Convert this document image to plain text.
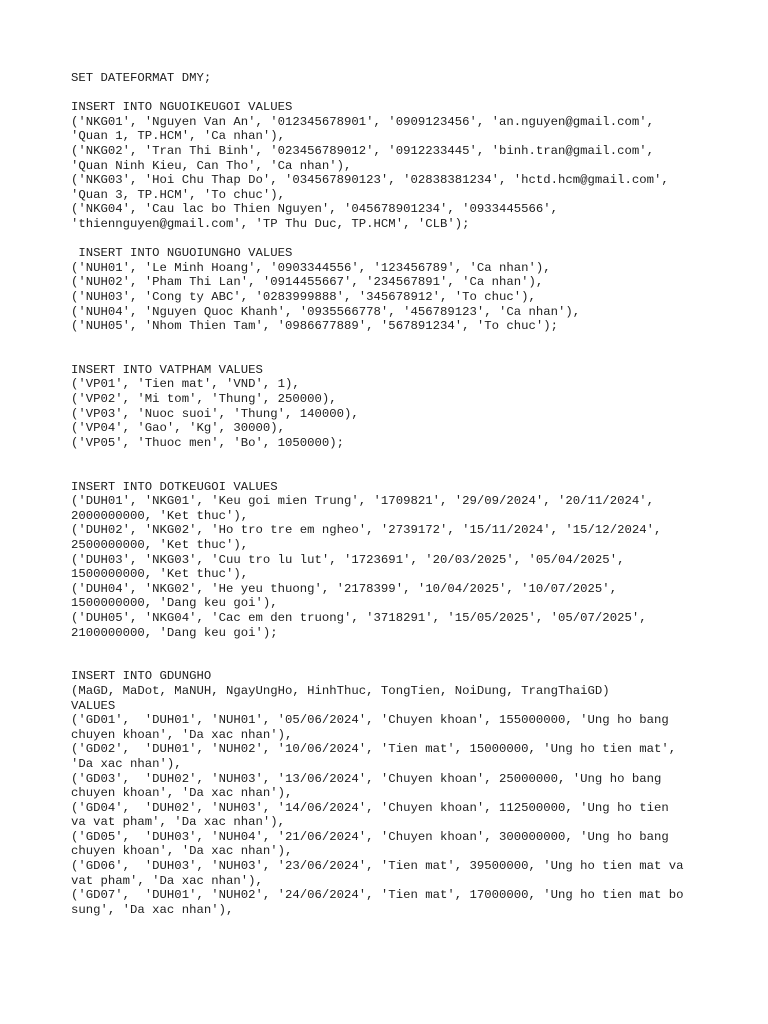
SET DATEFORMAT DMY;
INSERT INTO NGUOIKEUGOI VALUES
('NKG01', 'Nguyen Van An', '012345678901', '0909123456', 'an.nguyen@gmail.com',
'Quan 1, TP.HCM', 'Ca nhan'),
('NKG02', 'Tran Thi Binh', '023456789012', '0912233445', 'binh.tran@gmail.com',
'Quan Ninh Kieu, Can Tho', 'Ca nhan'),
('NKG03', 'Hoi Chu Thap Do', '034567890123', '02838381234', 'hctd.hcm@gmail.com',
'Quan 3, TP.HCM', 'To chuc'),
('NKG04', 'Cau lac bo Thien Nguyen', '045678901234', '0933445566',
'thiennguyen@gmail.com', 'TP Thu Duc, TP.HCM', 'CLB');
INSERT INTO NGUOIUNGHO VALUES
('NUH01', 'Le Minh Hoang', '0903344556', '123456789', 'Ca nhan'),
('NUH02', 'Pham Thi Lan', '0914455667', '234567891', 'Ca nhan'),
('NUH03', 'Cong ty ABC', '0283999888', '345678912', 'To chuc'),
('NUH04', 'Nguyen Quoc Khanh', '0935566778', '456789123', 'Ca nhan'),
('NUH05', 'Nhom Thien Tam', '0986677889', '567891234', 'To chuc');
INSERT INTO VATPHAM VALUES
('VP01', 'Tien mat', 'VND', 1),
('VP02', 'Mi tom', 'Thung', 250000),
('VP03', 'Nuoc suoi', 'Thung', 140000),
('VP04', 'Gao', 'Kg', 30000),
('VP05', 'Thuoc men', 'Bo', 1050000);
INSERT INTO DOTKEUGOI VALUES
('DUH01', 'NKG01', 'Keu goi mien Trung', '1709821', '29/09/2024', '20/11/2024',
2000000000, 'Ket thuc'),
('DUH02', 'NKG02', 'Ho tro tre em ngheo', '2739172', '15/11/2024', '15/12/2024',
2500000000, 'Ket thuc'),
('DUH03', 'NKG03', 'Cuu tro lu lut', '1723691', '20/03/2025', '05/04/2025',
1500000000, 'Ket thuc'),
('DUH04', 'NKG02', 'He yeu thuong', '2178399', '10/04/2025', '10/07/2025',
1500000000, 'Dang keu goi'),
('DUH05', 'NKG04', 'Cac em den truong', '3718291', '15/05/2025', '05/07/2025',
2100000000, 'Dang keu goi');
INSERT INTO GDUNGHO
(MaGD, MaDot, MaNUH, NgayUngHo, HinhThuc, TongTien, NoiDung, TrangThaiGD)
VALUES
('GD01',  'DUH01', 'NUH01', '05/06/2024', 'Chuyen khoan', 155000000, 'Ung ho bang
chuyen khoan', 'Da xac nhan'),
('GD02',  'DUH01', 'NUH02', '10/06/2024', 'Tien mat', 15000000, 'Ung ho tien mat',
'Da xac nhan'),
('GD03',  'DUH02', 'NUH03', '13/06/2024', 'Chuyen khoan', 25000000, 'Ung ho bang
chuyen khoan', 'Da xac nhan'),
('GD04',  'DUH02', 'NUH03', '14/06/2024', 'Chuyen khoan', 112500000, 'Ung ho tien
va vat pham', 'Da xac nhan'),
('GD05',  'DUH03', 'NUH04', '21/06/2024', 'Chuyen khoan', 300000000, 'Ung ho bang
chuyen khoan', 'Da xac nhan'),
('GD06',  'DUH03', 'NUH03', '23/06/2024', 'Tien mat', 39500000, 'Ung ho tien mat va
vat pham', 'Da xac nhan'),
('GD07',  'DUH01', 'NUH02', '24/06/2024', 'Tien mat', 17000000, 'Ung ho tien mat bo
sung', 'Da xac nhan'),
